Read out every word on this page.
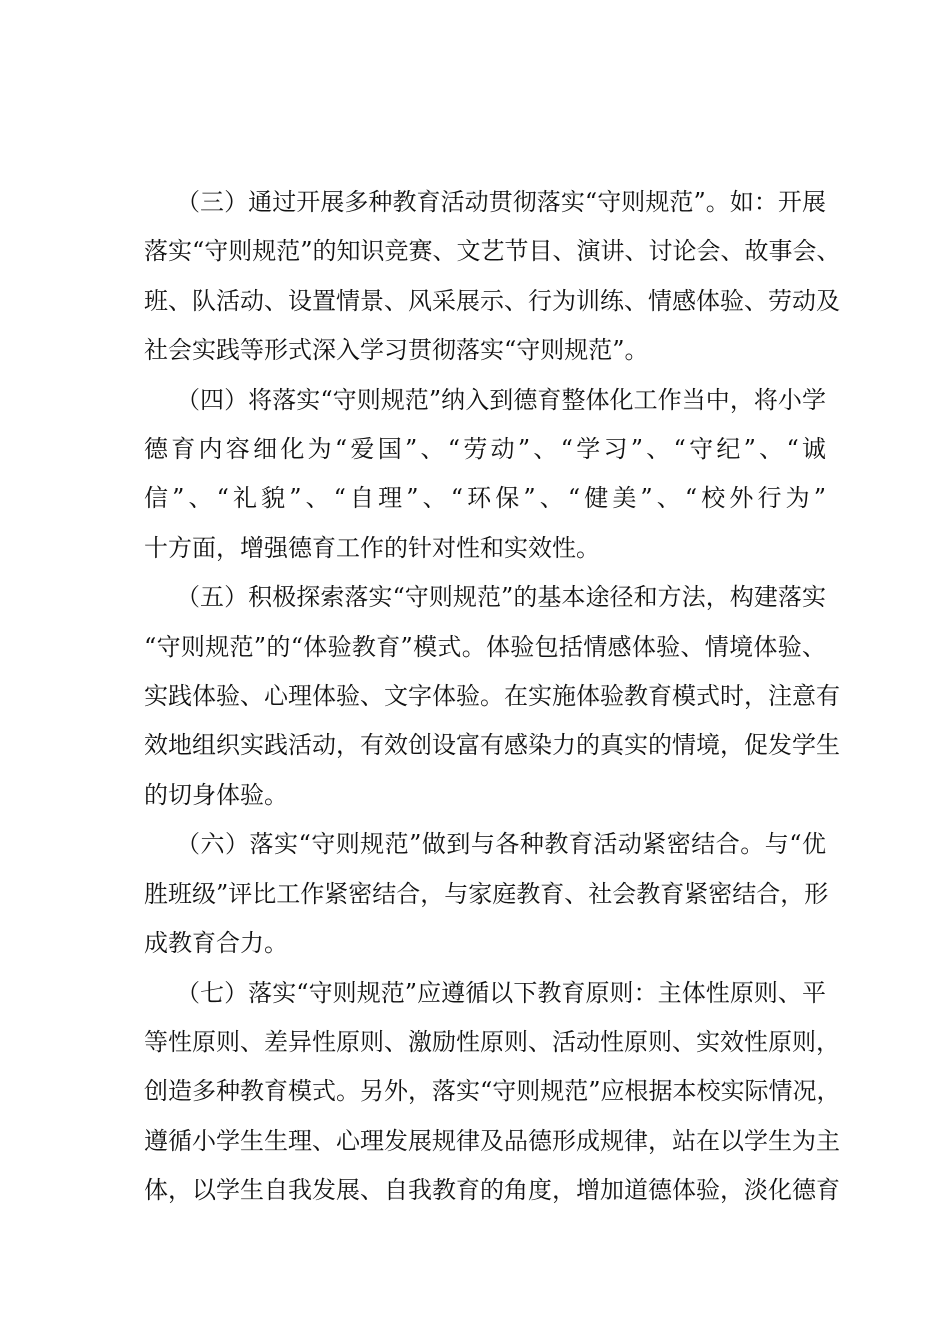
（三）通过开展多种教育活动贯彻落实“守则规范”。如：开展
落实“守则规范”的知识竞赛、文艺节目、演讲、讨论会、故事会、
班、队活动、设置情景、风采展示、行为训练、情感体验、劳动及
社会实践等形式深入学习贯彻落实“守则规范”。

（四）将落实“守则规范”纳入到德育整体化工作当中，将小学
德育内容细化为“爱国”、“劳动”、“学习”、“守纪”、“诚
信”、“礼貌”、“自理”、“环保”、“健美”、“校外行为”
十方面，增强德育工作的针对性和实效性。

（五）积极探索落实“守则规范”的基本途径和方法，构建落实
“守则规范”的“体验教育”模式。体验包括情感体验、情境体验、
实践体验、心理体验、文字体验。在实施体验教育模式时，注意有
效地组织实践活动，有效创设富有感染力的真实的情境，促发学生
的切身体验。

（六）落实“守则规范”做到与各种教育活动紧密结合。与“优
胜班级”评比工作紧密结合，与家庭教育、社会教育紧密结合，形
成教育合力。

（七）落实“守则规范”应遵循以下教育原则：主体性原则、平
等性原则、差异性原则、激励性原则、活动性原则、实效性原则，
创造多种教育模式。另外，落实“守则规范”应根据本校实际情况，
遵循小学生生理、心理发展规律及品德形成规律，站在以学生为主
体，以学生自我发展、自我教育的角度，增加道德体验，淡化德育
